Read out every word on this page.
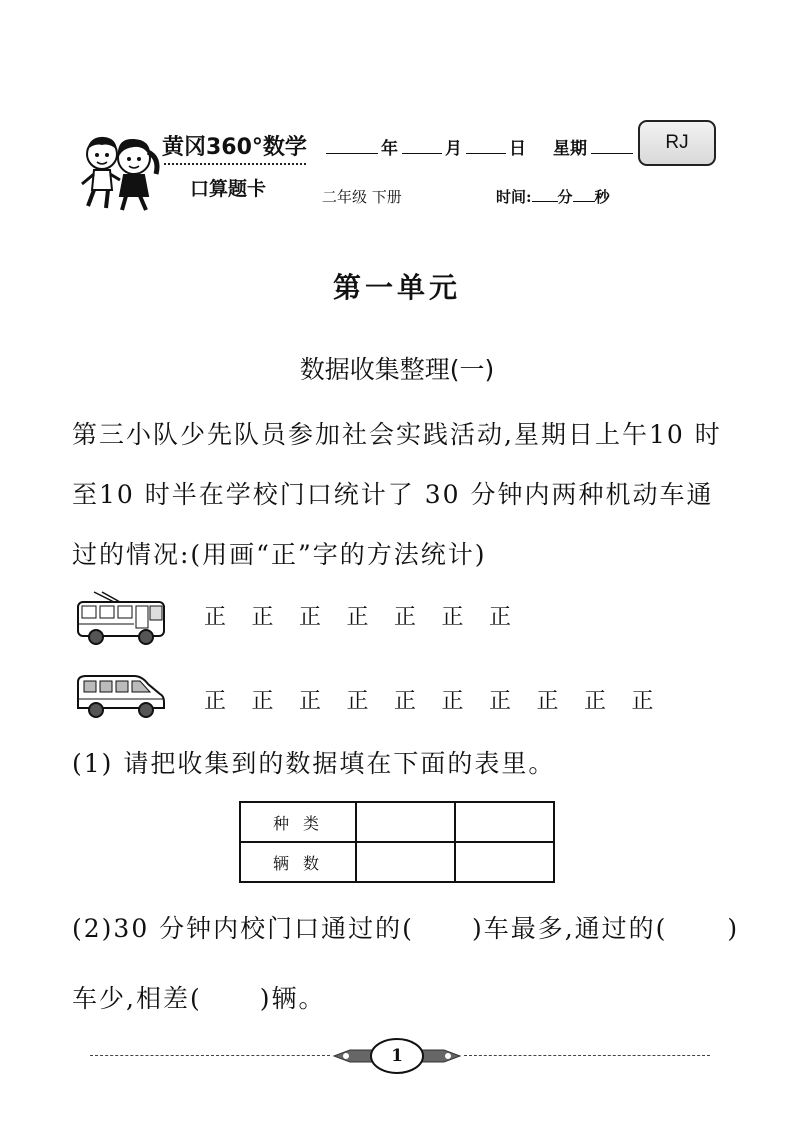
黄冈360°数学
口算题卡
年	月	日 星期
二年级 下册	时间: 分 秒
RJ
第一单元
数据收集整理(一)
第三小队少先队员参加社会实践活动,星期日上午10 时至10 时半在学校门口统计了 30 分钟内两种机动车通过的情况:(用画“正”字的方法统计)
正	正	正	正	正	正	正
正	正	正	正	正	正	正	正	正	正
(1) 请把收集到的数据填在下面的表里。
种类		
辆数		
(2)30 分钟内校门口通过的( )车最多,通过的( )车少,相差( )辆。
1
